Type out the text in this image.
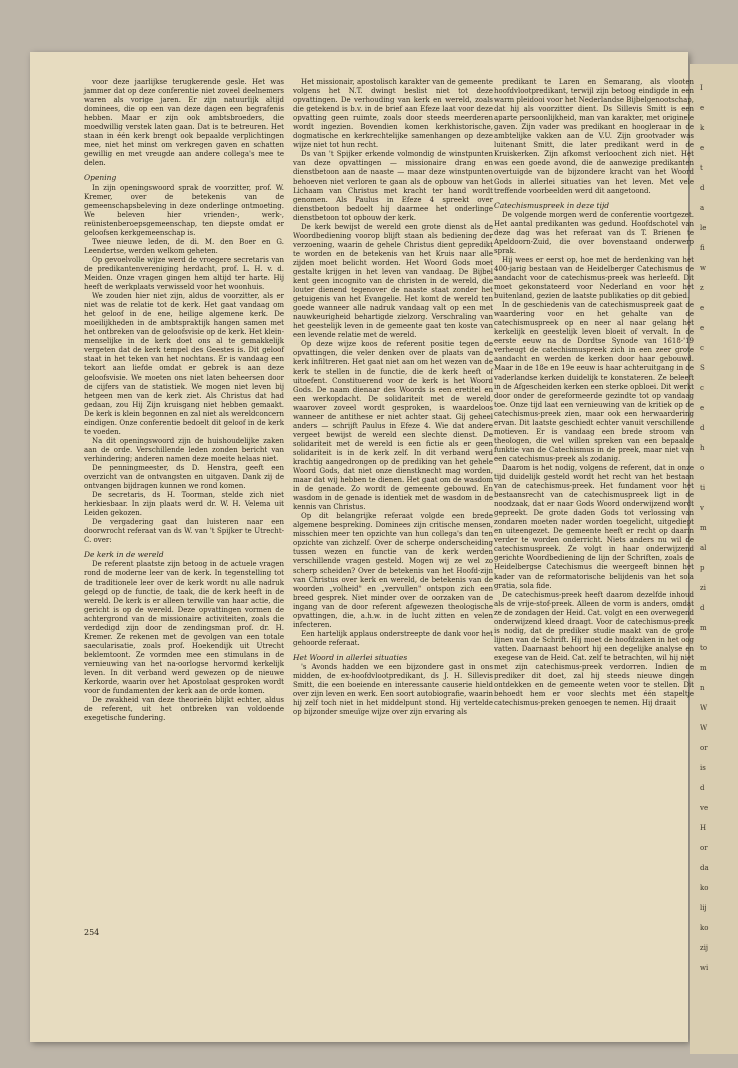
I
e
k
e
t
d
a
le
fi
w
z
e
e
c
S
c
e
d
h
o
ti
v
m
al
p
zi
d
m
to
m
n
W
W
or
is
d
ve
H
or
da
ko
lij
ko
zij
wi

voor deze jaarlijkse terugkerende gesle. Het was jammer dat op deze conferentie niet zoveel deelnemers waren als vorige jaren. Er zijn natuurlijk altijd dominees, die op een van deze dagen een begrafenis hebben. Maar er zijn ook ambtsbroeders, die moedwillig verstek laten gaan. Dat is te betreuren. Het staan in één kerk brengt ook bepaalde verplichtingen mee, niet het minst om verkregen gaven en schatten gewillig en met vreugde aan andere collega's mee te delen.

Opening

In zijn openingswoord sprak de voorzitter, prof. W. Kremer, over de betekenis van de gemeenschapsbeleving in deze onderlinge ontmoeting. We beleven hier vrienden-, werk-, reünistenberoepsgemeenschap, ten diepste omdat er geloofsen kerkgemeenschap is.

Twee nieuwe leden, de di. M. den Boer en G. Leendertse, werden welkom geheten.

Op gevoelvolle wijze werd de vroegere secretaris van de predikantenvereniging herdacht, prof. L. H. v. d. Meiden. Onze vragen gingen hem altijd ter harte. Hij heeft de werkplaats verwisseld voor het woonhuis.

We zouden hier niet zijn, aldus de voorzitter, als er niet was de relatie tot de kerk. Het gaat vandaag om het geloof in de ene, heilige algemene kerk. De moeilijkheden in de ambtspraktijk hangen samen met het ontbreken van de geloofsvisie op de kerk. Het klein-menselijke in de kerk doet ons al te gemakkelijk vergeten dat de kerk tempel des Geestes is. Dit geloof staat in het teken van het nochtans. Er is vandaag een tekort aan liefde omdat er gebrek is aan deze geloofsvisie. We moeten ons niet laten beheersen door de cijfers van de statistiek. We mogen niet leven bij hetgeen men van de kerk ziet. Als Christus dat had gedaan, zou Hij Zijn kruisgang niet hebben gemaakt. De kerk is klein begonnen en zal niet als wereldconcern eindigen. Onze conferentie bedoelt dit geloof in de kerk te voeden.

Na dit openingswoord zijn de huishoudelijke zaken aan de orde. Verschillende leden zonden bericht van verhindering; anderen namen deze moeite helaas niet.

De penningmeester, ds D. Henstra, geeft een overzicht van de ontvangsten en uitgaven. Dank zij de ontvangen bijdragen kunnen we rond komen.

De secretaris, ds H. Toorman, stelde zich niet herkiesbaar. In zijn plaats werd dr. W. H. Velema uit Leiden gekozen.

De vergadering gaat dan luisteren naar een doorwrocht referaat van ds W. van 't Spijker te Utrecht-C. over:

De kerk in de wereld

De referent plaatste zijn betoog in de actuele vragen rond de moderne leer van de kerk. In tegenstelling tot de traditionele leer over de kerk wordt nu alle nadruk gelegd op de functie, de taak, die de kerk heeft in de wereld. De kerk is er alleen terwille van haar actie, die gericht is op de wereld. Deze opvattingen vormen de achtergrond van de missionaire activiteiten, zoals die verdedigd zijn door de zendingsman prof. dr. H. Kremer. Ze rekenen met de gevolgen van een totale saecularisatie, zoals prof. Hoekendijk uit Utrecht beklemtoont. Ze vormden mee een stimulans in de vernieuwing van het na-oorlogse hervormd kerkelijk leven. In dit verband werd gewezen op de nieuwe Kerkorde, waarin over het Apostolaat gesproken wordt voor de fundamenten der kerk aan de orde komen.

De zwakheid van deze theorieën blijkt echter, aldus de referent, uit het ontbreken van voldoende exegetische fundering.

Het missionair, apostolisch karakter van de gemeente volgens het N.T. dwingt beslist niet tot deze opvattingen. De verhouding van kerk en wereld, zoals die getekend is b.v. in de brief aan Efeze laat voor deze opvatting geen ruimte, zoals door steeds meerderen wordt ingezien. Bovendien komen kerkhistorische, dogmatische en kerkrechtelijke samenhangen op deze wijze niet tot hun recht.

Ds van 't Spijker erkende volmondig de winstpunten van deze opvattingen — missionaire drang en dienstbetoon aan de naaste — maar deze winstpunten behoeven niet verloren te gaan als de opbouw van het Lichaam van Christus met kracht ter hand wordt genomen. Als Paulus in Efeze 4 spreekt over dienstbetoon bedoelt hij daarmee het onderlinge dienstbetoon tot opbouw der kerk.

De kerk bewijst de wereld een grote dienst als de Woordbediening voorop blijft staan als bediening der verzoening, waarin de gehele Christus dient gepredikt te worden en de betekenis van het Kruis naar alle zijden moet belicht worden. Het Woord Gods moet gestalte krijgen in het leven van vandaag. De Bijbel kent geen incognito van de christen in de wereld, die louter dienend tegenover de naaste staat zonder het getuigenis van het Evangelie. Het komt de wereld ten goede wanneer alle nadruk vandaag valt op een met nauwkeurigheid behartigde zielzorg. Verschraling van het geestelijk leven in de gemeente gaat ten koste van een levende relatie met de wereld.

Op deze wijze koos de referent positie tegen de opvattingen, die veler denken over de plaats van de kerk infiltreren. Het gaat niet aan om het wezen van de kerk te stellen in de functie, die de kerk heeft of uitoefent. Constituerend voor de kerk is het Woord Gods. De naam dienaar des Woords is een eretitel en een werkopdacht. De solidariteit met de wereld, waarover zoveel wordt gesproken, is waardeloos wanneer de antithese er niet achter staat. Gij geheel anders — schrijft Paulus in Efeze 4. Wie dat andere vergeet bewijst de wereld een slechte dienst. De solidariteit met de wereld is een fictie als er geen solidariteit is in de kerk zelf. In dit verband werd krachtig aangedrongen op de prediking van het gehele Woord Gods, dat niet onze dienstknecht mag worden, maar dat wij hebben te dienen. Het gaat om de wasdom in de genade. Zo wordt de gemeente gebouwd. En wasdom in de genade is identiek met de wasdom in de kennis van Christus.

Op dit belangrijke referaat volgde een brede algemene bespreking. Dominees zijn critische mensen, misschien meer ten opzichte van hun collega's dan ten opzichte van zichzelf. Over de scherpe onderscheiding tussen wezen en functie van de kerk werden verschillende vragen gesteld. Mogen wij ze wel zo scherp scheiden? Over de betekenis van het Hoofd-zijn van Christus over kerk en wereld, de betekenis van de woorden „volheid" en „vervullen" ontspon zich een breed gesprek. Niet minder over de oorzaken van de ingang van de door referent afgewezen theologische opvattingen, die, a.h.w. in de lucht zitten en velen infecteren.

Een hartelijk applaus onderstreepte de dank voor het gehoorde referaat.

Het Woord in allerlei situaties

's Avonds hadden we een bijzondere gast in ons midden, de ex-hoofdvlootpredikant, ds J. H. Sillevis Smitt, die een boeiende en interessante causerie hield over zijn leven en werk. Een soort autobiografie, waarin hij zelf toch niet in het middelpunt stond. Hij vertelde op bijzonder smeuïge wijze over zijn ervaring als

predikant te Laren en Semarang, als vlooten hoofdvlootpredikant, terwijl zijn betoog eindigde in een warm pleidooi voor het Nederlandse Bijbelgenootschap, dat hij als voorzitter dient. Ds Sillevis Smitt is een aparte persoonlijkheid, man van karakter, met originele gaven. Zijn vader was predikant en hoogleraar in de ambtelijke vakken aan de V.U. Zijn grootvader was luitenant Smitt, die later predikant werd in de Kruiskerken. Zijn afkomst verloochent zich niet. Het was een goede avond, die de aanwezige predikanten overtuigde van de bijzondere kracht van het Woord Gods in allerlei situaties van het leven. Met vele treffende voorbeelden werd dit aangetoond.

Catechismuspreek in deze tijd

De volgende morgen werd de conferentie voortgezet. Het aantal predikanten was gedund. Hoofdschotel van deze dag was het referaat van ds T. Brienen te Apeldoorn-Zuid, die over bovenstaand onderwerp sprak.

Hij wees er eerst op, hoe met de herdenking van het 400-jarig bestaan van de Heidelberger Catechismus de aandacht voor de catechismus-preek was herleefd. Dit moet gekonstateerd voor Nederland en voor het buitenland, gezien de laatste publikaties op dit gebied.

In de geschiedenis van de catechismuspreek gaat de waardering voor en het gehalte van de catechismuspreek op en neer al naar gelang het kerkelijk en geestelijk leven bloeit of vervalt. In de eerste eeuw na de Dordtse Synode van 1618-'19 verheugt de catechismuspreek zich in een zeer grote aandacht en werden de kerken door haar gebouwd. Maar in de 18e en 19e eeuw is haar achteruitgang in de vaderlandse kerken duidelijk te konstateren. Ze beleeft in de Afgescheiden kerken een sterke opbloei. Dit werkt door onder de gereformeerde gezindte tot op vandaag toe. Onze tijd laat een vernieuwing van de kritiek op de catechismus-preek zien, maar ook een herwaardering ervan. Dit laatste geschiedt echter vanuit verschillende motieven. Er is vandaag een brede stroom van theologen, die wel willen spreken van een bepaalde funktie van de Catechismus in de preek, maar niet van een catechismus-preek als zodanig.

Daarom is het nodig, volgens de referent, dat in onze tijd duidelijk gesteld wordt het recht van het bestaan van de catechismus-preek. Het fundament voor het bestaansrecht van de catechismuspreek ligt in de noodzaak, dat er naar Gods Woord onderwijzend wordt gepreekt. De grote daden Gods tot verlossing van zondaren moeten nader worden toegelicht, uitgediept en uiteengezet. De gemeente heeft er recht op daarin verder te worden onderricht. Niets anders nu wil de catechismuspreek. Ze volgt in haar onderwijzend gerichte Woordbediening de lijn der Schriften, zoals de Heidelbergse Catechismus die weergeeft binnen het kader van de reformatorische belijdenis van het sola gratia, sola fide.

De catechismus-preek heeft daarom dezelfde inhoud als de vrije-stof-preek. Alleen de vorm is anders, omdat ze de zondagen der Heid. Cat. volgt en een overwegend onderwijzend kleed draagt. Voor de catechismus-preek is nodig, dat de prediker studie maakt van de grote lijnen van de Schrift. Hij moet de hoofdzaken in het oog vatten. Daarnaast behoort hij een degelijke analyse en exegese van de Heid. Cat. zelf te betrachten, wil hij niet met zijn catechismus-preek verdorren. Indien de prediker dit doet, zal hij steeds nieuwe dingen ontdekken en de gemeente weten voor te stellen. Dit behoedt hem er voor slechts met één stapeltje catechismus-preken genoegen te nemen. Hij draait

254
